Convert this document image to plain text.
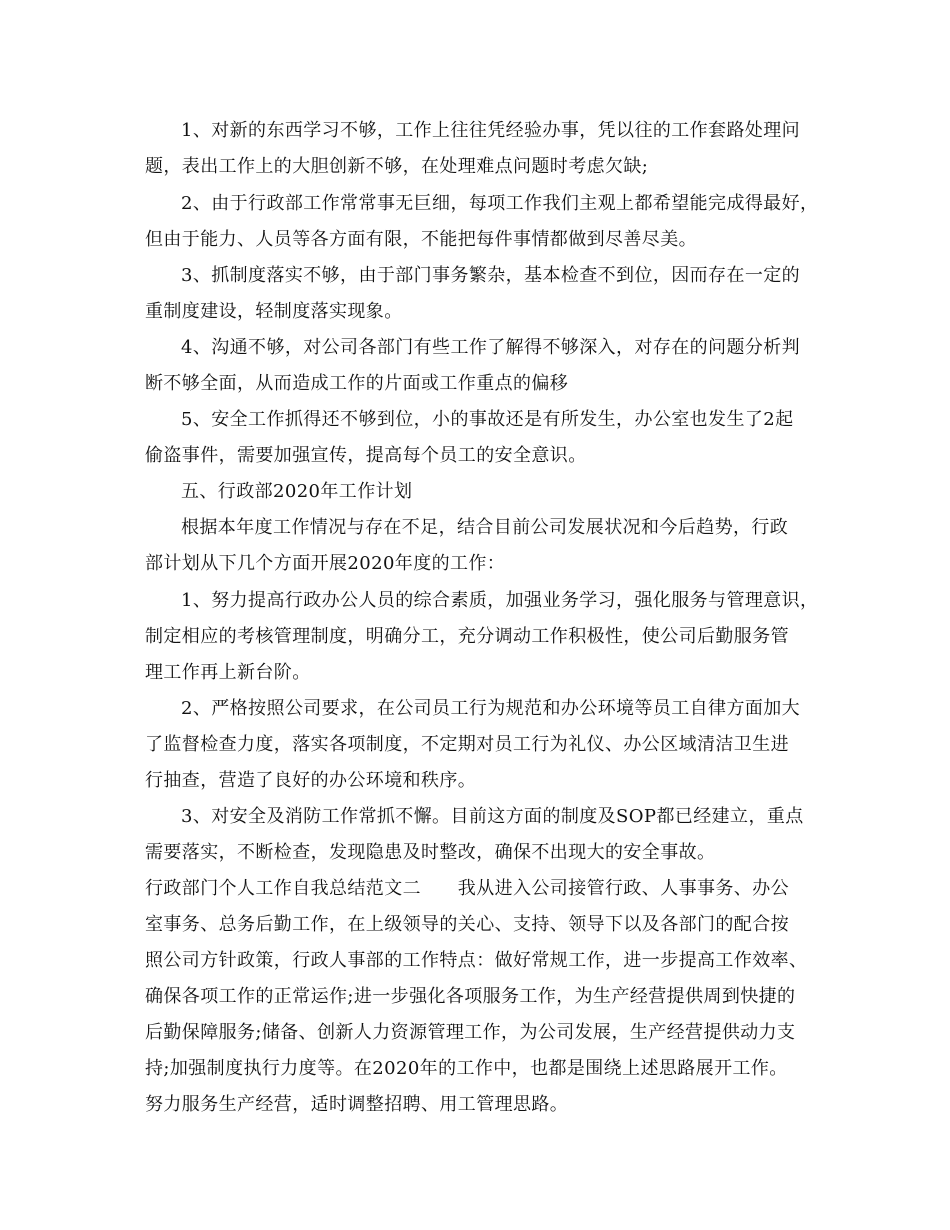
1、对新的东西学习不够，工作上往往凭经验办事，凭以往的工作套路处理问
题，表出工作上的大胆创新不够，在处理难点问题时考虑欠缺;
2、由于行政部工作常常事无巨细，每项工作我们主观上都希望能完成得最好，
但由于能力、人员等各方面有限，不能把每件事情都做到尽善尽美。
3、抓制度落实不够，由于部门事务繁杂，基本检查不到位，因而存在一定的
重制度建设，轻制度落实现象。
4、沟通不够，对公司各部门有些工作了解得不够深入，对存在的问题分析判
断不够全面，从而造成工作的片面或工作重点的偏移
5、安全工作抓得还不够到位，小的事故还是有所发生，办公室也发生了2起
偷盗事件，需要加强宣传，提高每个员工的安全意识。
五、行政部2020年工作计划
根据本年度工作情况与存在不足，结合目前公司发展状况和今后趋势，行政
部计划从下几个方面开展2020年度的工作：
1、努力提高行政办公人员的综合素质，加强业务学习，强化服务与管理意识，
制定相应的考核管理制度，明确分工，充分调动工作积极性，使公司后勤服务管
理工作再上新台阶。
2、严格按照公司要求，在公司员工行为规范和办公环境等员工自律方面加大
了监督检查力度，落实各项制度，不定期对员工行为礼仪、办公区域清洁卫生进
行抽查，营造了良好的办公环境和秩序。
3、对安全及消防工作常抓不懈。目前这方面的制度及SOP都已经建立，重点
需要落实，不断检查，发现隐患及时整改，确保不出现大的安全事故。
行政部门个人工作自我总结范文二　　我从进入公司接管行政、人事事务、办公
室事务、总务后勤工作，在上级领导的关心、支持、领导下以及各部门的配合按
照公司方针政策，行政人事部的工作特点：做好常规工作，进一步提高工作效率、
确保各项工作的正常运作;进一步强化各项服务工作，为生产经营提供周到快捷的
后勤保障服务;储备、创新人力资源管理工作，为公司发展，生产经营提供动力支
持;加强制度执行力度等。在2020年的工作中，也都是围绕上述思路展开工作。
努力服务生产经营，适时调整招聘、用工管理思路。
